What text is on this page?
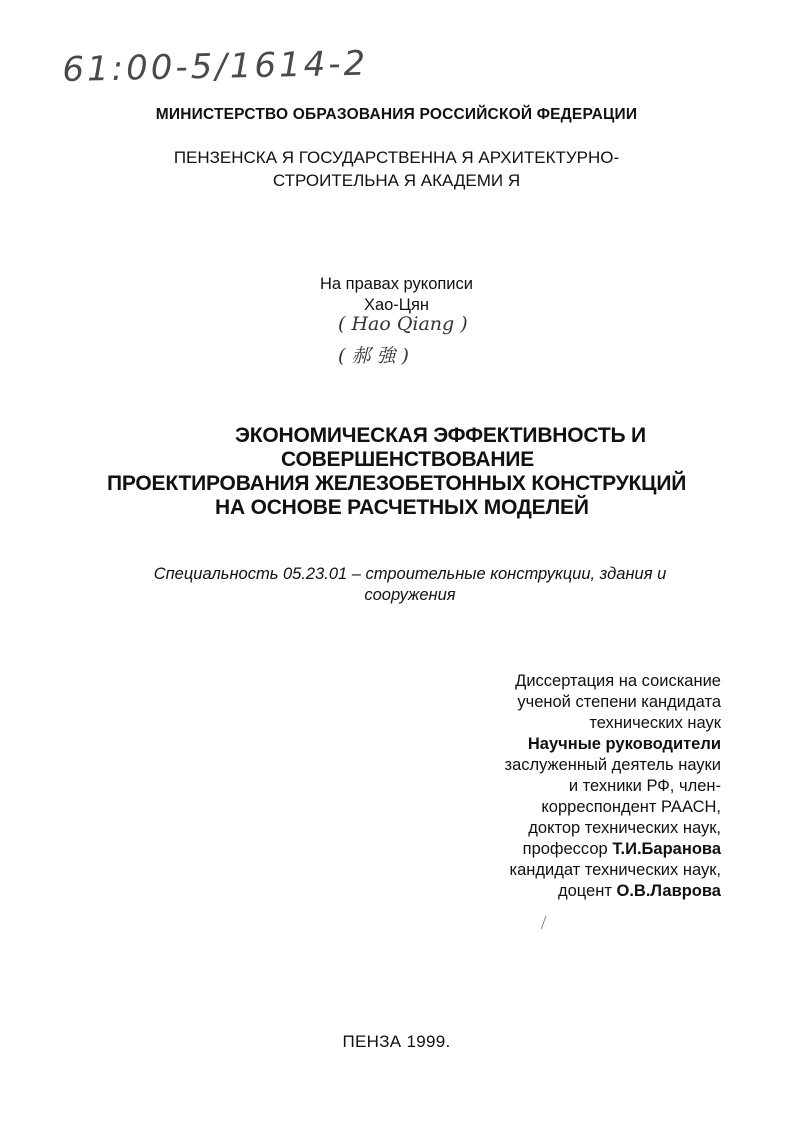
61:00-5/1614-2
МИНИСТЕРСТВО ОБРАЗОВАНИЯ РОССИЙСКОЙ ФЕДЕРАЦИИ
ПЕНЗЕНСКА Я ГОСУДАРСТВЕННА Я АРХИТЕКТУРНО-
СТРОИТЕЛЬНА Я АКАДЕМИ Я
На правах рукописи
Хао-Цян
( Hao Qiang )
( 郝 強 )
ЭКОНОМИЧЕСКАЯ ЭФФЕКТИВНОСТЬ И
СОВЕРШЕНСТВОВАНИЕ
ПРОЕКТИРОВАНИЯ ЖЕЛЕЗОБЕТОННЫХ КОНСТРУКЦИЙ
НА ОСНОВЕ РАСЧЕТНЫХ МОДЕЛЕЙ
Специальность 05.23.01 – строительные конструкции, здания и
сооружения
Диссертация на соискание
ученой степени кандидата
технических наук
Научные руководители
заслуженный деятель науки
и техники РФ, член-
корреспондент РААСН,
доктор технических наук,
профессор Т.И.Баранова
кандидат технических наук,
доцент О.В.Лаврова
ПЕНЗА 1999.
